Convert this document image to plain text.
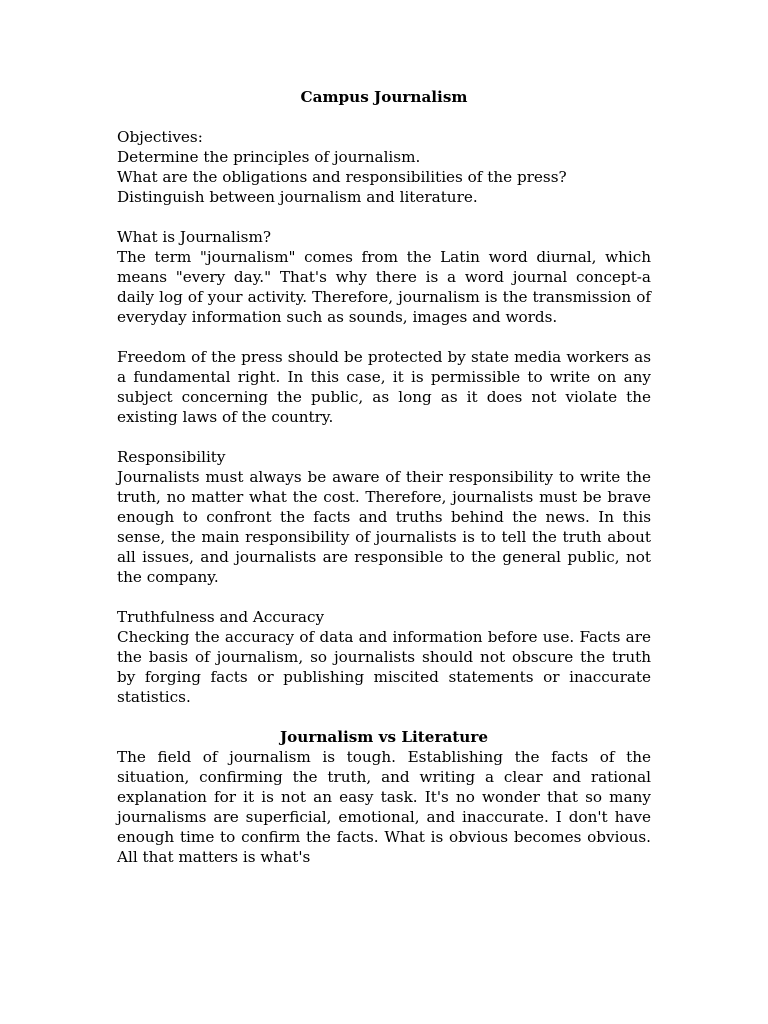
Campus Journalism

Objectives:

Determine the principles of journalism.

What are the obligations and responsibilities of the press?

Distinguish between journalism and literature.

What is Journalism?

The term "journalism" comes from the Latin word diurnal, which means "every day." That's why there is a word journal concept-a daily log of your activity. Therefore, journalism is the transmission of everyday information such as sounds, images and words.

Freedom of the press should be protected by state media workers as a fundamental right. In this case, it is permissible to write on any subject concerning the public, as long as it does not violate the existing laws of the country.

Responsibility

Journalists must always be aware of their responsibility to write the truth, no matter what the cost. Therefore, journalists must be brave enough to confront the facts and truths behind the news. In this sense, the main responsibility of journalists is to tell the truth about all issues, and journalists are responsible to the general public, not the company.

Truthfulness and Accuracy

Checking the accuracy of data and information before use. Facts are the basis of journalism, so journalists should not obscure the truth by forging facts or publishing miscited statements or inaccurate statistics.

Journalism vs Literature

The field of journalism is tough. Establishing the facts of the situation, confirming the truth, and writing a clear and rational explanation for it is not an easy task. It's no wonder that so many journalisms are superficial, emotional, and inaccurate. I don't have enough time to confirm the facts. What is obvious becomes obvious. All that matters is what's
